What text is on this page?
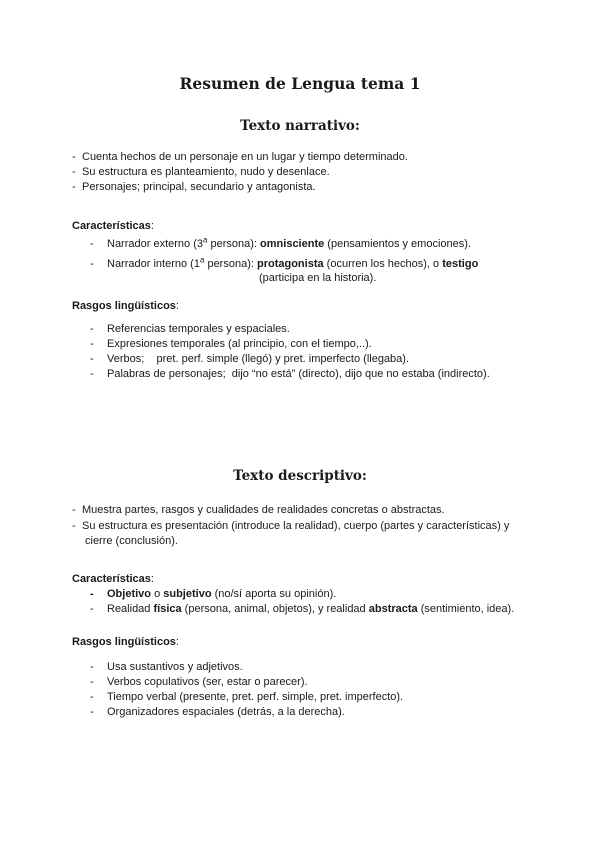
Resumen de Lengua tema 1
Texto narrativo:
- Cuenta hechos de un personaje en un lugar y tiempo determinado.
- Su estructura es planteamiento, nudo y desenlace.
- Personajes; principal, secundario y antagonista.
Características:
- Narrador externo (3$^a$ persona): omnisciente (pensamientos y emociones).
- Narrador interno (1$^a$ persona): protagonista (ocurren los hechos), o testigo
(participa en la historia).
Rasgos lingüísticos:
- Referencias temporales y espaciales.
- Expresiones temporales (al principio, con el tiempo,..).
- Verbos;    pret. perf. simple (llegó) y pret. imperfecto (llegaba).
- Palabras de personajes;  dijo “no está” (directo), dijo que no estaba (indirecto).
Texto descriptivo:
- Muestra partes, rasgos y cualidades de realidades concretas o abstractas.
- Su estructura es presentación (introduce la realidad), cuerpo (partes y características) y
cierre (conclusión).
Características:
- Objetivo o subjetivo (no/sí aporta su opinión).
- Realidad física (persona, animal, objetos), y realidad abstracta (sentimiento, idea).
Rasgos lingüísticos:
- Usa sustantivos y adjetivos.
- Verbos copulativos (ser, estar o parecer).
- Tiempo verbal (presente, pret. perf. simple, pret. imperfecto).
- Organizadores espaciales (detrás, a la derecha).
